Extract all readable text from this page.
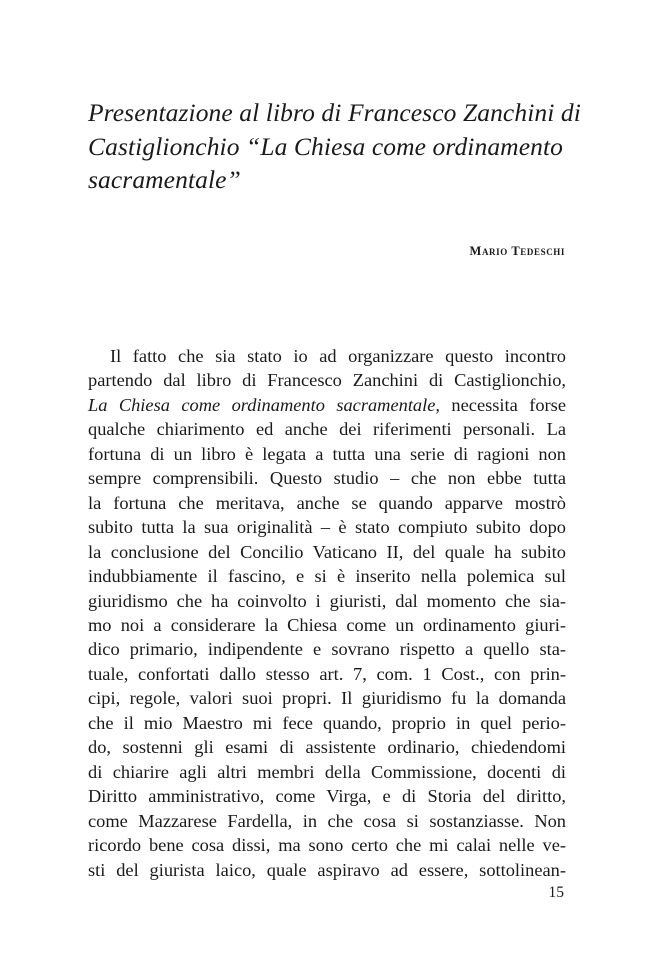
Presentazione al libro di Francesco Zanchini di
Castiglionchio “La Chiesa come ordinamento
sacramentale”
Mario Tedeschi
Il fatto che sia stato io ad organizzare questo incontro
partendo dal libro di Francesco Zanchini di Castiglionchio,
La Chiesa come ordinamento sacramentale, necessita forse
qualche chiarimento ed anche dei riferimenti personali. La
fortuna di un libro è legata a tutta una serie di ragioni non
sempre comprensibili. Questo studio – che non ebbe tutta
la fortuna che meritava, anche se quando apparve mostrò
subito tutta la sua originalità – è stato compiuto subito dopo
la conclusione del Concilio Vaticano II, del quale ha subito
indubbiamente il fascino, e si è inserito nella polemica sul
giuridismo che ha coinvolto i giuristi, dal momento che sia-
mo noi a considerare la Chiesa come un ordinamento giuri-
dico primario, indipendente e sovrano rispetto a quello sta-
tuale, confortati dallo stesso art. 7, com. 1 Cost., con prin-
cipi, regole, valori suoi propri. Il giuridismo fu la domanda
che il mio Maestro mi fece quando, proprio in quel perio-
do, sostenni gli esami di assistente ordinario, chiedendomi
di chiarire agli altri membri della Commissione, docenti di
Diritto amministrativo, come Virga, e di Storia del diritto,
come Mazzarese Fardella, in che cosa si sostanziasse. Non
ricordo bene cosa dissi, ma sono certo che mi calai nelle ve-
sti del giurista laico, quale aspiravo ad essere, sottolinean-
15
